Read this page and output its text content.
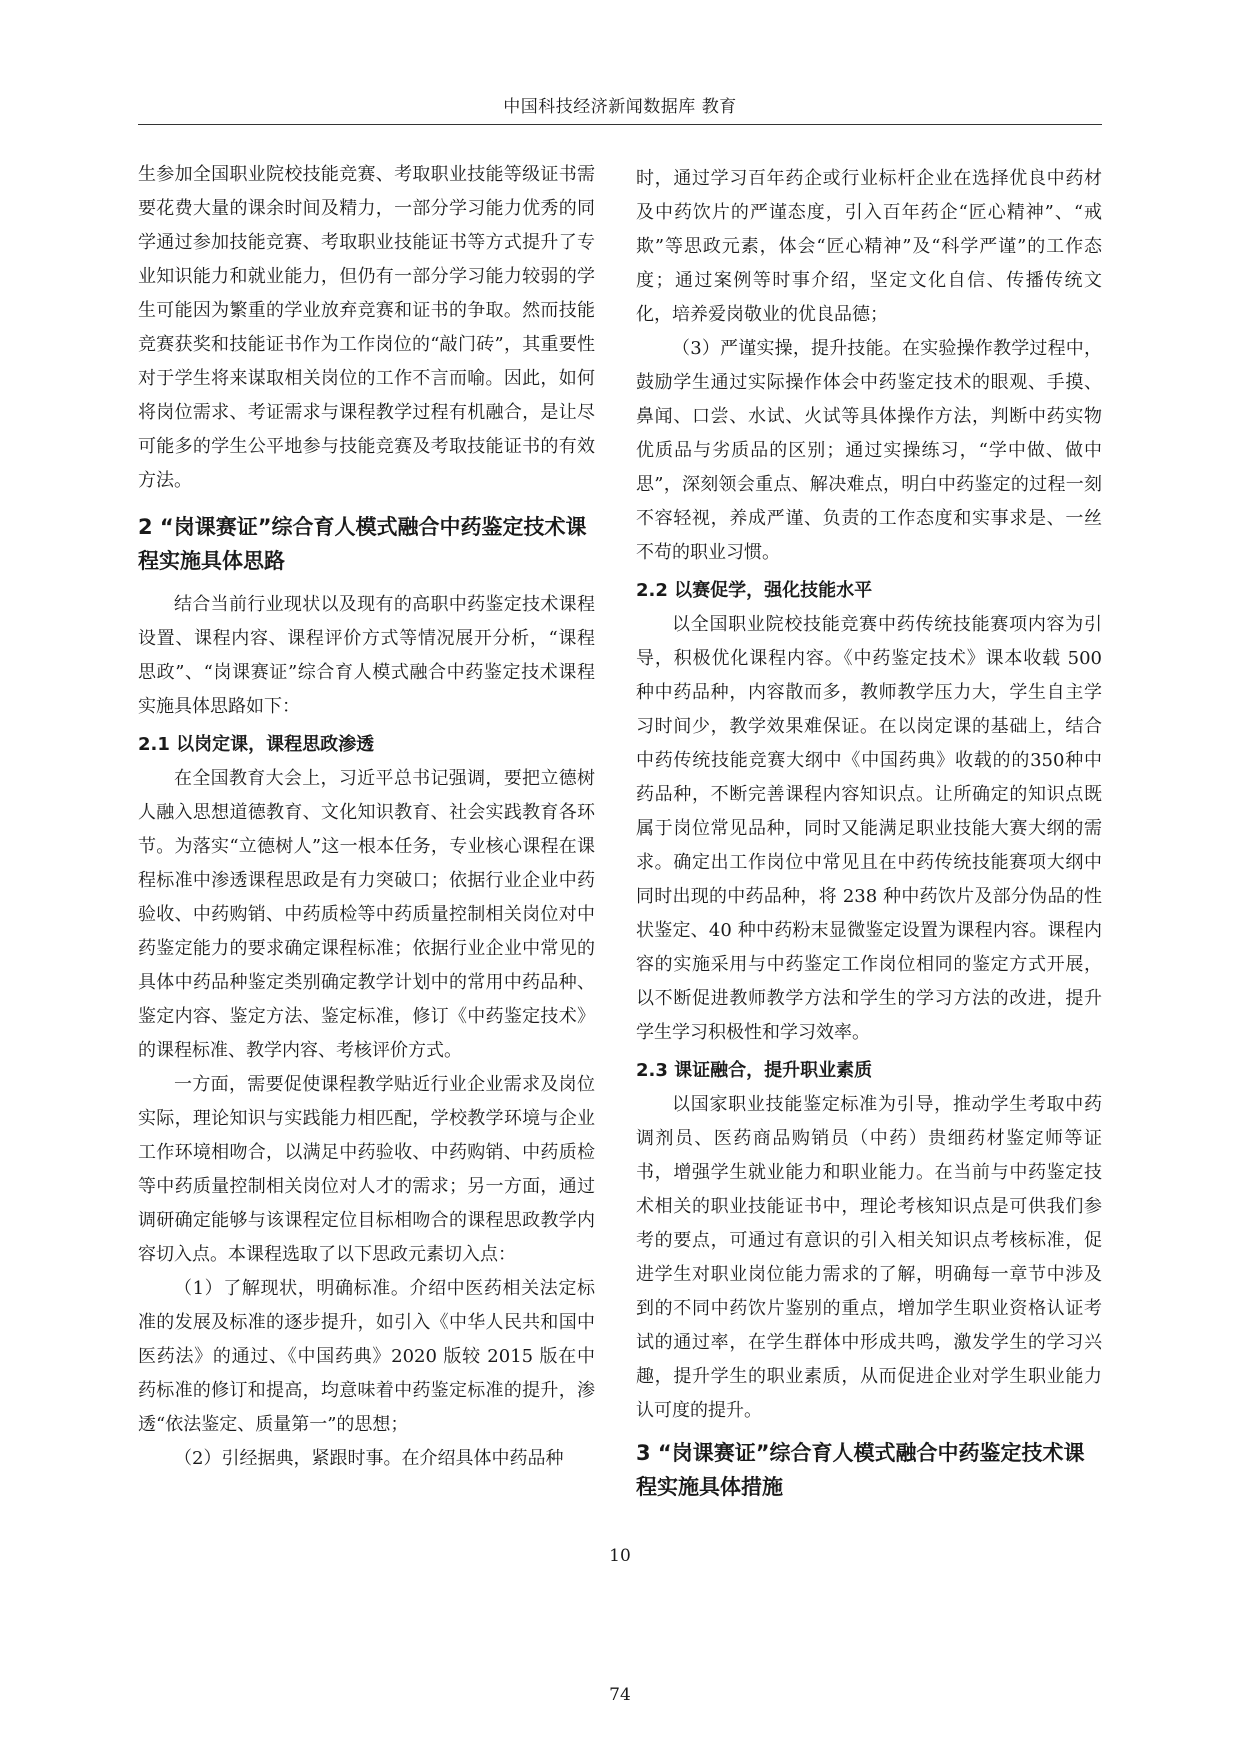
中国科技经济新闻数据库 教育

生参加全国职业院校技能竞赛、考取职业技能等级证书需要花费大量的课余时间及精力，一部分学习能力优秀的同学通过参加技能竞赛、考取职业技能证书等方式提升了专业知识能力和就业能力，但仍有一部分学习能力较弱的学生可能因为繁重的学业放弃竞赛和证书的争取。然而技能竞赛获奖和技能证书作为工作岗位的“敲门砖”，其重要性对于学生将来谋取相关岗位的工作不言而喻。因此，如何将岗位需求、考证需求与课程教学过程有机融合，是让尽可能多的学生公平地参与技能竞赛及考取技能证书的有效方法。

2 “岗课赛证”综合育人模式融合中药鉴定技术课程实施具体思路

结合当前行业现状以及现有的高职中药鉴定技术课程设置、课程内容、课程评价方式等情况展开分析，“课程思政”、“岗课赛证”综合育人模式融合中药鉴定技术课程实施具体思路如下：

2.1 以岗定课，课程思政渗透

在全国教育大会上，习近平总书记强调，要把立德树人融入思想道德教育、文化知识教育、社会实践教育各环节。为落实“立德树人”这一根本任务，专业核心课程在课程标准中渗透课程思政是有力突破口；依据行业企业中药验收、中药购销、中药质检等中药质量控制相关岗位对中药鉴定能力的要求确定课程标准；依据行业企业中常见的具体中药品种鉴定类别确定教学计划中的常用中药品种、鉴定内容、鉴定方法、鉴定标准，修订《中药鉴定技术》的课程标准、教学内容、考核评价方式。

一方面，需要促使课程教学贴近行业企业需求及岗位实际，理论知识与实践能力相匹配，学校教学环境与企业工作环境相吻合，以满足中药验收、中药购销、中药质检等中药质量控制相关岗位对人才的需求；另一方面，通过调研确定能够与该课程定位目标相吻合的课程思政教学内容切入点。本课程选取了以下思政元素切入点：

（1）了解现状，明确标准。介绍中医药相关法定标准的发展及标准的逐步提升，如引入《中华人民共和国中医药法》的通过、《中国药典》2020 版较 2015 版在中药标准的修订和提高，均意味着中药鉴定标准的提升，渗透“依法鉴定、质量第一”的思想；

（2）引经据典，紧跟时事。在介绍具体中药品种

时，通过学习百年药企或行业标杆企业在选择优良中药材及中药饮片的严谨态度，引入百年药企“匠心精神”、“戒欺”等思政元素，体会“匠心精神”及“科学严谨”的工作态度；通过案例等时事介绍，坚定文化自信、传播传统文化，培养爱岗敬业的优良品德；

（3）严谨实操，提升技能。在实验操作教学过程中，鼓励学生通过实际操作体会中药鉴定技术的眼观、手摸、鼻闻、口尝、水试、火试等具体操作方法，判断中药实物优质品与劣质品的区别；通过实操练习，“学中做、做中思”，深刻领会重点、解决难点，明白中药鉴定的过程一刻不容轻视，养成严谨、负责的工作态度和实事求是、一丝不苟的职业习惯。

2.2 以赛促学，强化技能水平

以全国职业院校技能竞赛中药传统技能赛项内容为引导，积极优化课程内容。《中药鉴定技术》课本收载 500 种中药品种，内容散而多，教师教学压力大，学生自主学习时间少，教学效果难保证。在以岗定课的基础上，结合中药传统技能竞赛大纲中《中国药典》收载的的350种中药品种，不断完善课程内容知识点。让所确定的知识点既属于岗位常见品种，同时又能满足职业技能大赛大纲的需求。确定出工作岗位中常见且在中药传统技能赛项大纲中同时出现的中药品种，将 238 种中药饮片及部分伪品的性状鉴定、40 种中药粉末显微鉴定设置为课程内容。课程内容的实施采用与中药鉴定工作岗位相同的鉴定方式开展，以不断促进教师教学方法和学生的学习方法的改进，提升学生学习积极性和学习效率。

2.3 课证融合，提升职业素质

以国家职业技能鉴定标准为引导，推动学生考取中药调剂员、医药商品购销员（中药）贵细药材鉴定师等证书，增强学生就业能力和职业能力。在当前与中药鉴定技术相关的职业技能证书中，理论考核知识点是可供我们参考的要点，可通过有意识的引入相关知识点考核标准，促进学生对职业岗位能力需求的了解，明确每一章节中涉及到的不同中药饮片鉴别的重点，增加学生职业资格认证考试的通过率，在学生群体中形成共鸣，激发学生的学习兴趣，提升学生的职业素质，从而促进企业对学生职业能力认可度的提升。

3 “岗课赛证”综合育人模式融合中药鉴定技术课程实施具体措施
10
74
